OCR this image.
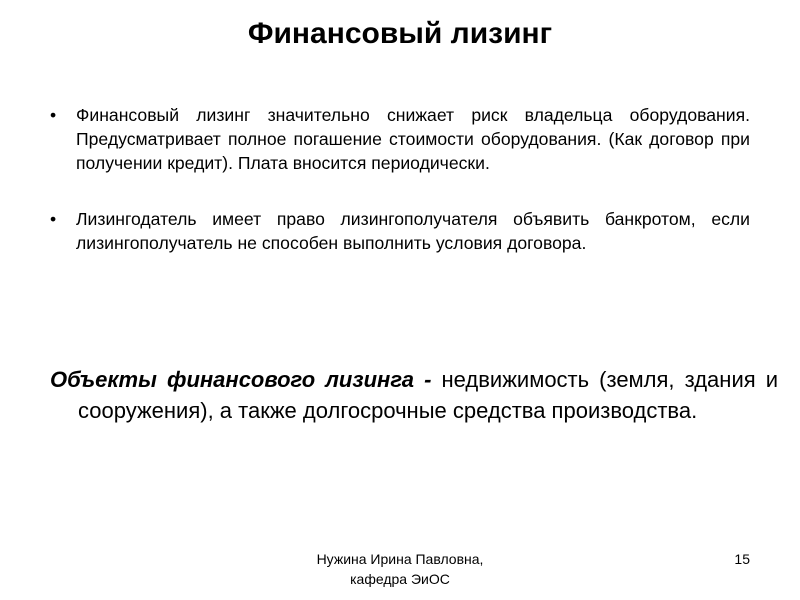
Финансовый лизинг
• Финансовый лизинг значительно снижает риск владельца оборудования. Предусматривает полное погашение стоимости оборудования. (Как договор при получении кредит). Плата вносится периодически.
• Лизингодатель имеет право лизингополучателя объявить банкротом, если лизингополучатель не способен выполнить условия договора.
Объекты финансового лизинга - недвижимость (земля, здания и сооружения), а также долгосрочные средства производства.
Нужина Ирина Павловна,
кафедра ЭиОС
15
